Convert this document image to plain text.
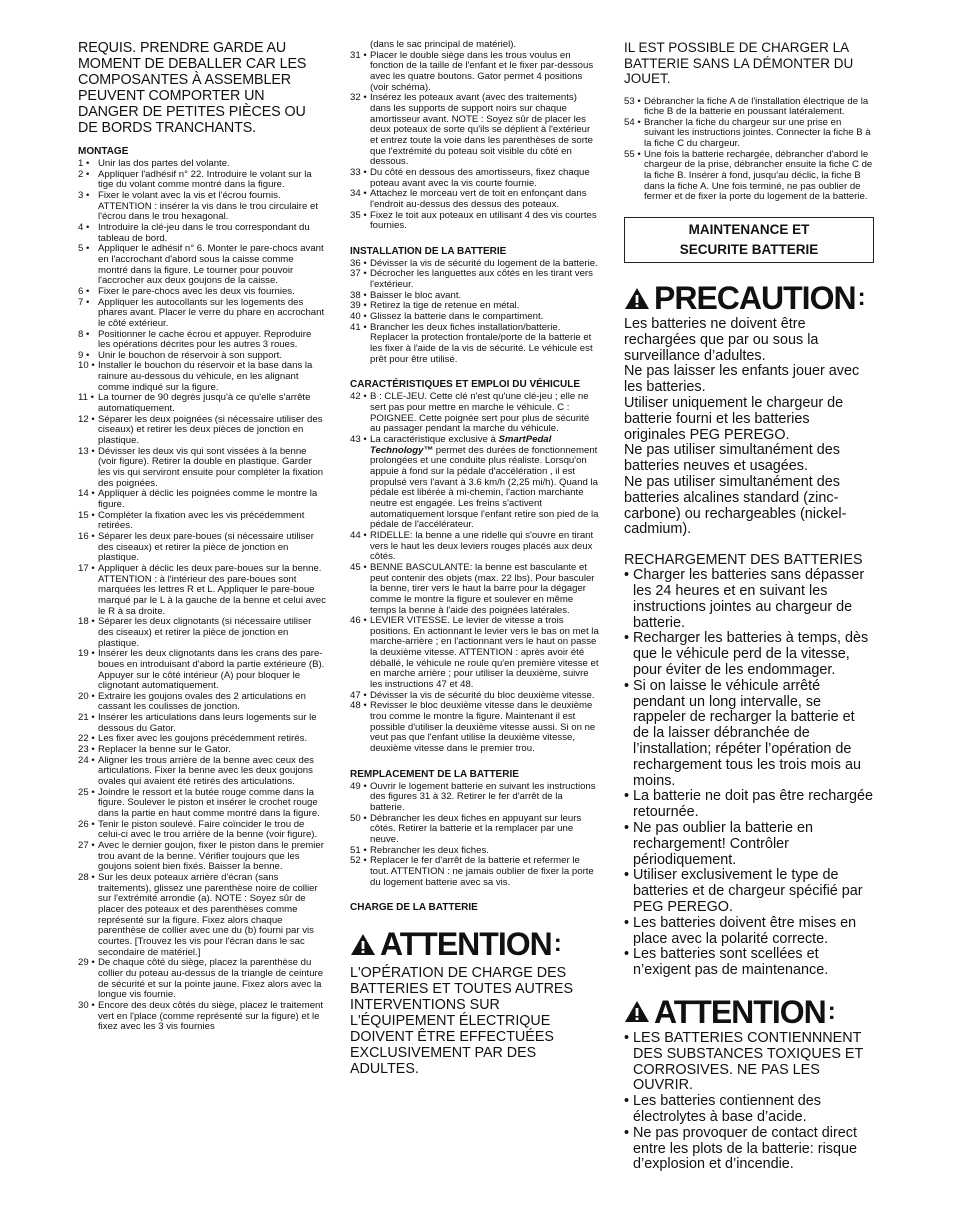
REQUIS. PRENDRE GARDE AU MOMENT DE DEBALLER CAR LES COMPOSANTES À ASSEMBLER PEUVENT COMPORTER UN DANGER DE PETITES PIÈCES OU DE BORDS TRANCHANTS.
MONTAGE
1 • Unir las dos partes del volante.
2 • Appliquer l'adhésif n° 22. Introduire le volant sur la tige du volant comme montré dans la figure.
3 • Fixer le volant avec la vis et l'écrou fournis. ATTENTION : insérer la vis dans le trou circulaire et l'écrou dans le trou hexagonal.
4 • Introduire la clé-jeu dans le trou correspondant du tableau de bord.
5 • Appliquer le adhésif n° 6. Monter le pare-chocs avant en l'accrochant d'abord sous la caisse comme montré dans la figure. Le tourner pour pouvoir l'accrocher aux deux goujons de la caisse.
6 • Fixer le pare-chocs avec les deux vis fournies.
7 • Appliquer les autocollants sur les logements des phares avant. Placer le verre du phare en accrochant le côté extérieur.
8 • Positionner le cache écrou et appuyer. Reproduire les opérations décrites pour les autres 3 roues.
9 • Unir le bouchon de réservoir à son support.
10 • Installer le bouchon du réservoir et la base dans la rainure au-dessous du véhicule, en les alignant comme indiqué sur la figure.
11 • La tourner de 90 degrès jusqu'à ce qu'elle s'arrête automatiquement.
12 • Séparer les deux poignées (si nécessaire utiliser des ciseaux) et retirer les deux pièces de jonction en plastique.
13 • Dévisser les deux vis qui sont vissées à la benne (voir figure). Retirer la double en plastique. Garder les vis qui serviront ensuite pour compléter la fixation des poignées.
14 • Appliquer à déclic les poignées comme le montre la figure.
15 • Compléter la fixation avec les vis précédemment retirées.
16 • Séparer les deux pare-boues (si nécessaire utiliser des ciseaux) et retirer la pièce de jonction en plastique.
17 • Appliquer à déclic les deux pare-boues sur la benne. ATTENTION : à l'intérieur des pare-boues sont marquées les lettres R et L. Appliquer le pare-boue marqué par le L à la gauche de la benne et celui avec le R à sa droite.
18 • Séparer les deux clignotants (si nécessaire utiliser des ciseaux) et retirer la pièce de jonction en plastique.
19 • Insérer les deux clignotants dans les crans des pare-boues en introduisant d'abord la partie extérieure (B). Appuyer sur le côté intérieur (A) pour bloquer le clignotant automatiquement.
20 • Extraire les goujons ovales des 2 articulations en cassant les coulisses de jonction.
21 • Insérer les articulations dans leurs logements sur le dessous du Gator.
22 • Les fixer avec les goujons précédemment retirés.
23 • Replacer la benne sur le Gator.
24 • Aligner les trous arrière de la benne avec ceux des articulations. Fixer la benne avec les deux goujons ovales qui avaient été retirés des articulations.
25 • Joindre le ressort et la butée rouge comme dans la figure. Soulever le piston et insérer le crochet rouge dans la partie en haut comme montré dans la figure.
26 • Tenir le piston soulevé. Faire coïncider le trou de celui-ci avec le trou arrière de la benne (voir figure).
27 • Avec le dernier goujon, fixer le piston dans le premier trou avant de la benne. Vérifier toujours que les goujons soient bien fixés. Baisser la benne.
28 • Sur les deux poteaux arrière d'écran (sans traitements), glissez une parenthèse noire de collier sur l'extrémité arrondie (a). NOTE : Soyez sûr de placer des poteaux et des parenthèses comme représenté sur la figure. Fixez alors chaque parenthèse de collier avec une du (b) fourni par vis courtes. [Trouvez les vis pour l'écran dans le sac secondaire de matériel.]
29 • De chaque côté du siège, placez la parenthèse du collier du poteau au-dessus de la triangle de ceinture de sécurité et sur la pointe jaune. Fixez alors avec la longue vis fournie.
30 • Encore des deux côtés du siège, placez le traitement vert en l'place (comme représenté sur la figure) et le fixez avec les 3 vis fournies
(dans le sac principal de matériel).
31 • Placer le double siège dans les trous voulus en fonction de la taille de l'enfant et le fixer par-dessous avec les quatre boutons. Gator permet 4 positions (voir schéma).
32 • Insérez les poteaux avant (avec des traitements) dans les supports de support noirs sur chaque amortisseur avant. NOTE : Soyez sûr de placer les deux poteaux de sorte qu'ils se déplient à l'extérieur et entrez toute la voie dans les parenthèses de sorte que l'extrémité du poteau soit visible du côté en dessous.
33 • Du côté en dessous des amortisseurs, fixez chaque poteau avant avec la vis courte fournie.
34 • Attachez le morceau vert de toit en enfonçant dans l'endroit au-dessus des dessus des poteaux.
35 • Fixez le toit aux poteaux en utilisant 4 des vis courtes fournies.
INSTALLATION DE LA BATTERIE
36 • Dévisser la vis de sécurité du logement de la batterie.
37 • Décrocher les languettes aux côtés en les tirant vers l'extérieur.
38 • Baisser le bloc avant.
39 • Retirez la tige de retenue en métal.
40 • Glissez la batterie dans le compartiment.
41 • Brancher les deux fiches installation/batterie. Replacer la protection frontale/porte de la batterie et les fixer à l'aide de la vis de sécurité. Le véhicule est prêt pour être utilisé.
CARACTÉRISTIQUES ET EMPLOI DU VÉHICULE
42 • B : CLE-JEU. Cette clé n'est qu'une clé-jeu ; elle ne sert pas pour mettre en marche le véhicule. C : POIGNEE. Cette poignée sert pour plus de sécurité au passager pendant la marche du véhicule.
43 • La caractéristique exclusive à SmartPedal Technology™ permet des durées de fonctionnement prolongées et une conduite plus réaliste. Lorsqu'on appuie à fond sur la pédale d'accélération , il est propulsé vers l'avant à 3.6 km/h (2,25 mi/h). Quand la pédale est libérée à mi-chemin, l'action marchante neutre est engagée. Les freins s'activent automatiquement lorsque l'enfant retire son pied de la pédale de l'accélérateur.
44 • RIDELLE: la benne a une ridelle qui s'ouvre en tirant vers le haut les deux leviers rouges placés aux deux côtés.
45 • BENNE BASCULANTE: la benne est basculante et peut contenir des objets (max. 22 lbs). Pour basculer la benne, tirer vers le haut la barre pour la dégager comme le montre la figure et soulever en même temps la benne à l'aide des poignées latérales.
46 • LEVIER VITESSE. Le levier de vitesse a trois positions. En actionnant le levier vers le bas on met la marche-arrière ; en l'actionnant vers le haut on passe la deuxième vitesse. ATTENTION : après avoir été déballé, le véhicule ne roule qu'en première vitesse et en marche arrière ; pour utiliser la deuxième, suivre les instructions 47 et 48.
47 • Dévisser la vis de sécurité du bloc deuxième vitesse.
48 • Revisser le bloc deuxième vitesse dans le deuxième trou comme le montre la figure. Maintenant il est possible d'utiliser la deuxième vitesse aussi. Si on ne veut pas que l'enfant utilise la deuxième vitesse, deuxième vitesse dans le premier trou.
REMPLACEMENT DE LA BATTERIE
49 • Ouvrir le logement batterie en suivant les instructions des figures 31 à 32. Retirer le fer d'arrêt de la batterie.
50 • Débrancher les deux fiches en appuyant sur leurs côtés. Retirer la batterie et la remplacer par une neuve.
51 • Rebrancher les deux fiches.
52 • Replacer le fer d'arrêt de la batterie et refermer le tout. ATTENTION : ne jamais oublier de fixer la porte du logement batterie avec sa vis.
CHARGE DE LA BATTERIE
ATTENTION :
L'OPÉRATION DE CHARGE DES BATTERIES ET TOUTES AUTRES INTERVENTIONS SUR L'ÉQUIPEMENT ÉLECTRIQUE DOIVENT ÊTRE EFFECTUÉES EXCLUSIVEMENT PAR DES ADULTES.
IL EST POSSIBLE DE CHARGER LA BATTERIE SANS LA DÉMONTER DU JOUET.
53 • Débrancher la fiche A de l'installation électrique de la fiche B de la batterie en poussant latéralement.
54 • Brancher la fiche du chargeur sur une prise en suivant les instructions jointes. Connecter la fiche B à la fiche C du chargeur.
55 • Une fois la batterie rechargée, débrancher d'abord le chargeur de la prise, débrancher ensuite la fiche C de la fiche B. Insérer à fond, jusqu'au déclic, la fiche B dans la fiche A. Une fois terminé, ne pas oublier de fermer et de fixer la porte du logement de la batterie.
MAINTENANCE ET
SECURITE BATTERIE
PRECAUTION :

Les batteries ne doivent être rechargées que par ou sous la surveillance d’adultes.

Ne pas laisser les enfants jouer avec les batteries.

Utiliser uniquement le chargeur de batterie fourni et les batteries originales PEG PEREGO.

Ne pas utiliser simultanément des batteries neuves et usagées.

Ne pas utiliser simultanément des batteries alcalines standard (zinc-carbone) ou rechargeables (nickel-cadmium).

RECHARGEMENT DES BATTERIES
• Charger les batteries sans dépasser les 24 heures et en suivant les instructions jointes au chargeur de batterie.
• Recharger les batteries à temps, dès que le véhicule perd de la vitesse, pour éviter de les endommager.
• Si on laisse le véhicule arrêté pendant un long intervalle, se rappeler de recharger la batterie et de la laisser débranchée de l’installation; répéter l’opération de rechargement tous les trois mois au moins.
• La batterie ne doit pas être rechargée retournée.
• Ne pas oublier la batterie en rechargement! Contrôler périodiquement.
• Utiliser exclusivement le type de batteries et de chargeur spécifié par PEG PEREGO.
• Les batteries doivent être mises en place avec la polarité correcte.
• Les batteries sont scellées et n’exigent pas de maintenance.
ATTENTION :
• LES BATTERIES CONTIENNNENT DES SUBSTANCES TOXIQUES ET CORROSIVES. NE PAS LES OUVRIR.
• Les batteries contiennent des électrolytes à base d’acide.
• Ne pas provoquer de contact direct entre les plots de la batterie: risque d’explosion et d’incendie.
